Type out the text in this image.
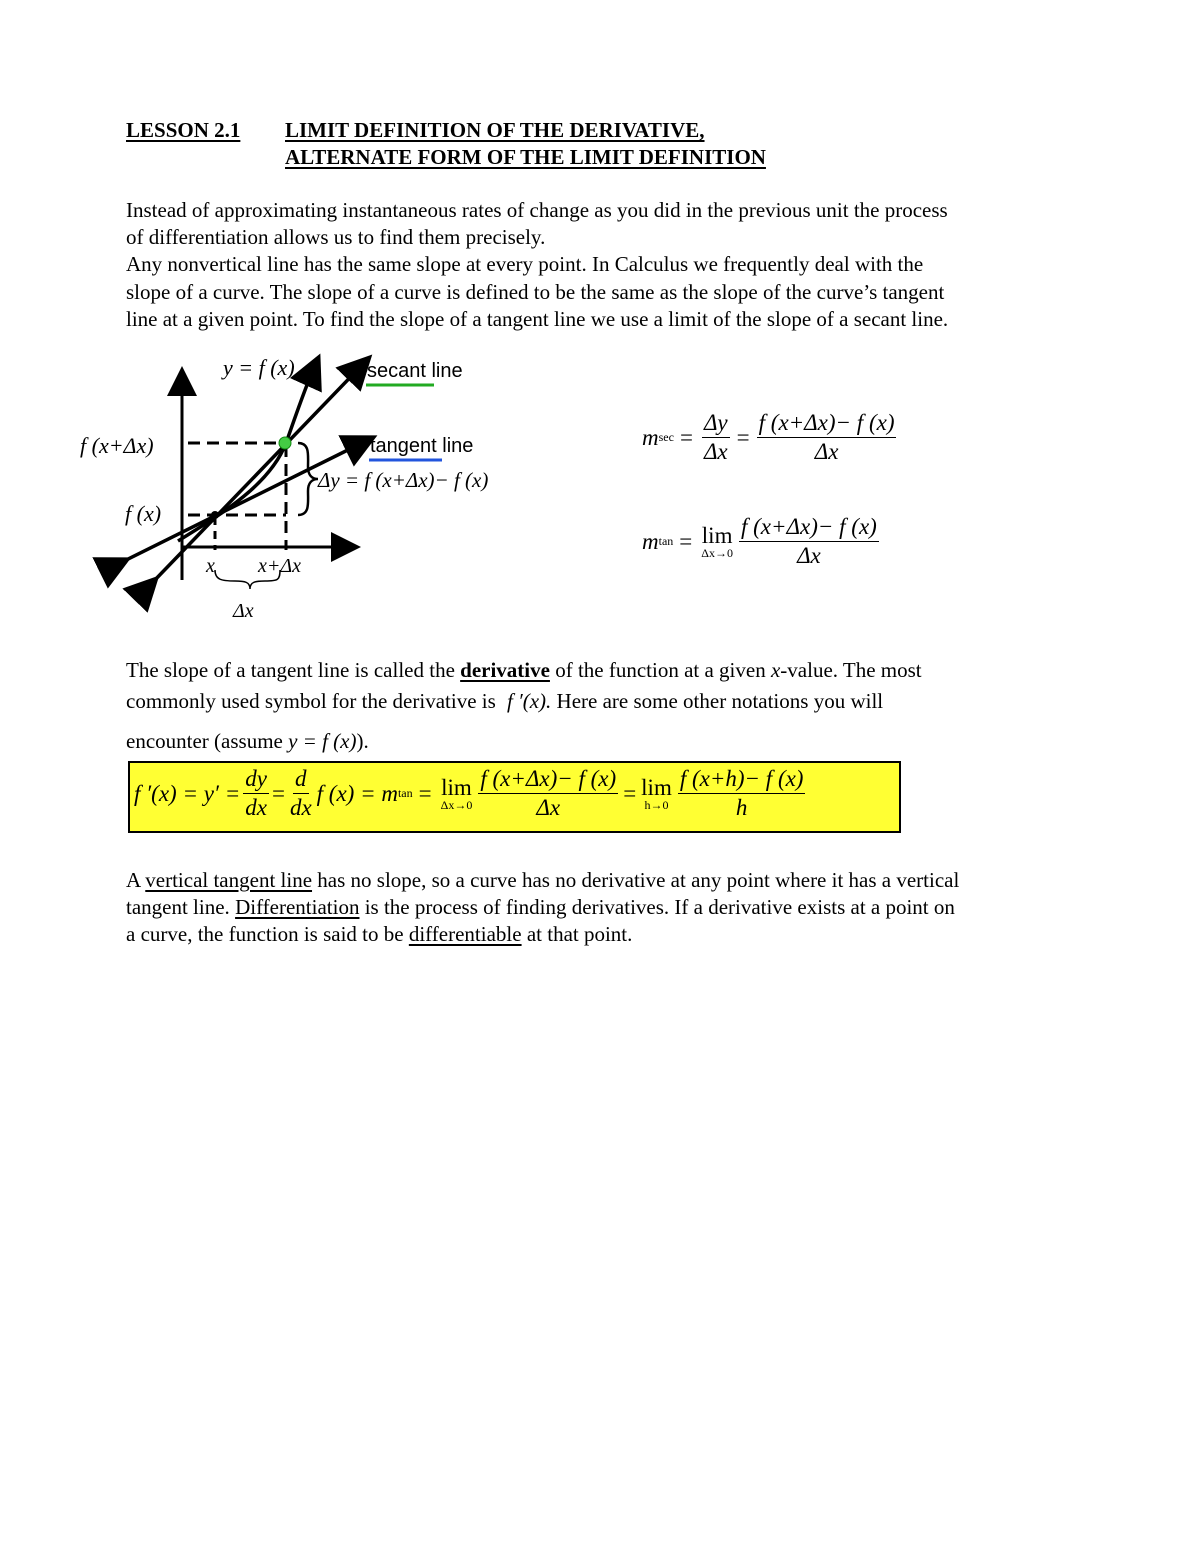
LESSON 2.1 LIMIT DEFINITION OF THE DERIVATIVE,
ALTERNATE FORM OF THE LIMIT DEFINITION
Instead of approximating instantaneous rates of change as you did in the previous unit the process
of differentiation allows us to find them precisely.
Any nonvertical line has the same slope at every point. In Calculus we frequently deal with the
slope of a curve. The slope of a curve is defined to be the same as the slope of the curve’s tangent
line at a given point. To find the slope of a tangent line we use a limit of the slope of a secant line.
y = f (x)	secant line
tangent line
f (x+Δx)
f (x)
Δy = f (x+Δx)− f (x)
x x+Δx
Δx
m $\sec = \frac{\Delta y}{\Delta x} = \frac{f (x+\Delta x)- f (x)}{\Delta x}$
m tan = lim
$\Delta x\to 0 \frac{f (x+\Delta x)- f (x)}{\Delta x}$
The slope of a tangent line is called the derivative of the function at a given x-value. The most
commonly used symbol for the derivative is f ′(x). Here are some other notations you will
encounter (assume y = f (x)).
f $'(x) = y' = \frac{dy}{dx} = \frac{d}{dx}$ f (x) = m tan = lim
$\Delta x\to 0 \frac{f (x+\Delta x)- f (x)}{\Delta x} = \lim$
$h\to 0 \frac{f (x+h)- f (x)}{h}$
A vertical tangent line has no slope, so a curve has no derivative at any point where it has a vertical
tangent line. Differentiation is the process of finding derivatives. If a derivative exists at a point on
a curve, the function is said to be differentiable at that point.
